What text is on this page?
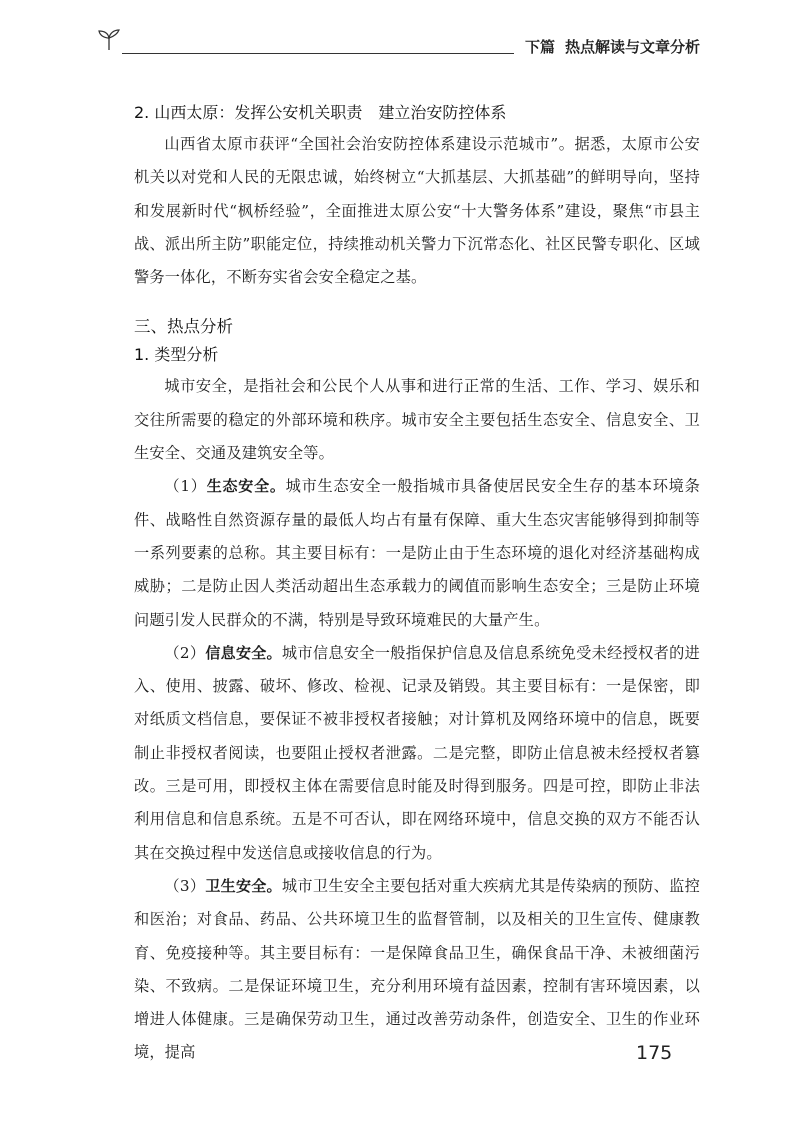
下篇 热点解读与文章分析
2. 山西太原：发挥公安机关职责　建立治安防控体系

山西省太原市获评“全国社会治安防控体系建设示范城市”。据悉，太原市公安机关以对党和人民的无限忠诚，始终树立“大抓基层、大抓基础”的鲜明导向，坚持和发展新时代“枫桥经验”，全面推进太原公安“十大警务体系”建设，聚焦“市县主战、派出所主防”职能定位，持续推动机关警力下沉常态化、社区民警专职化、区域警务一体化，不断夯实省会安全稳定之基。

三、热点分析
1. 类型分析

城市安全，是指社会和公民个人从事和进行正常的生活、工作、学习、娱乐和交往所需要的稳定的外部环境和秩序。城市安全主要包括生态安全、信息安全、卫生安全、交通及建筑安全等。

（1）生态安全。城市生态安全一般指城市具备使居民安全生存的基本环境条件、战略性自然资源存量的最低人均占有量有保障、重大生态灾害能够得到抑制等一系列要素的总称。其主要目标有：一是防止由于生态环境的退化对经济基础构成威胁；二是防止因人类活动超出生态承载力的阈值而影响生态安全；三是防止环境问题引发人民群众的不满，特别是导致环境难民的大量产生。

（2）信息安全。城市信息安全一般指保护信息及信息系统免受未经授权者的进入、使用、披露、破坏、修改、检视、记录及销毁。其主要目标有：一是保密，即对纸质文档信息，要保证不被非授权者接触；对计算机及网络环境中的信息，既要制止非授权者阅读，也要阻止授权者泄露。二是完整，即防止信息被未经授权者篡改。三是可用，即授权主体在需要信息时能及时得到服务。四是可控，即防止非法利用信息和信息系统。五是不可否认，即在网络环境中，信息交换的双方不能否认其在交换过程中发送信息或接收信息的行为。

（3）卫生安全。城市卫生安全主要包括对重大疾病尤其是传染病的预防、监控和医治；对食品、药品、公共环境卫生的监督管制，以及相关的卫生宣传、健康教育、免疫接种等。其主要目标有：一是保障食品卫生，确保食品干净、未被细菌污染、不致病。二是保证环境卫生，充分利用环境有益因素，控制有害环境因素，以增进人体健康。三是确保劳动卫生，通过改善劳动条件，创造安全、卫生的作业环境，提高	175
